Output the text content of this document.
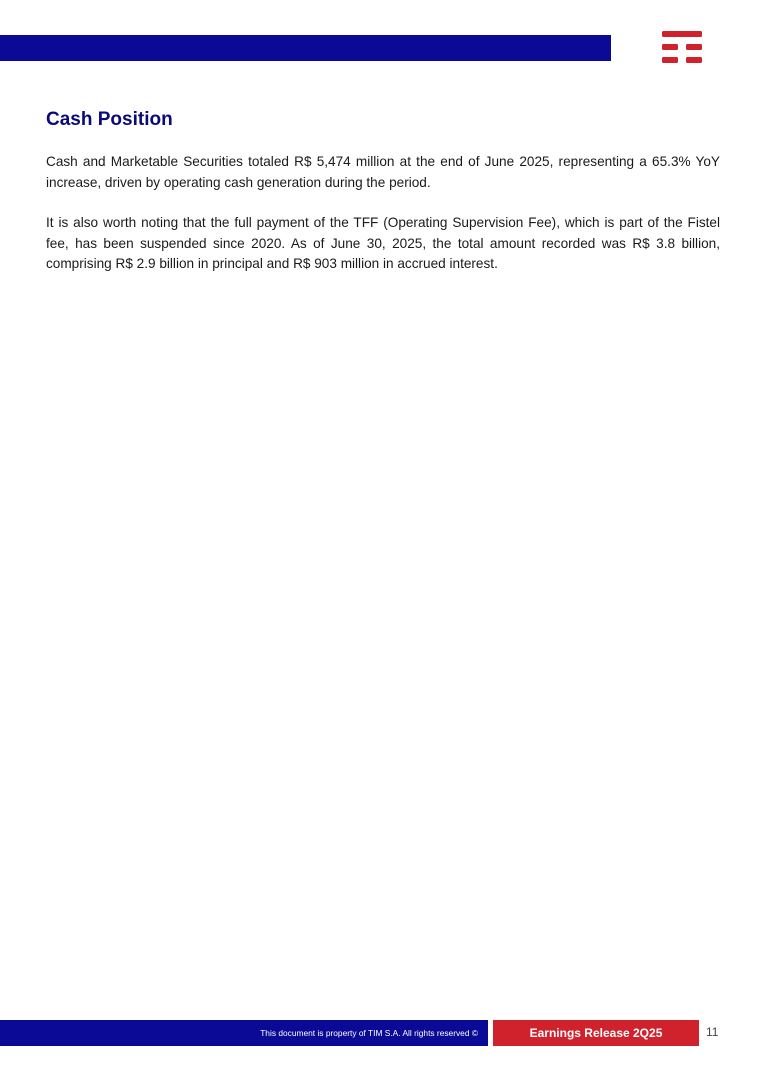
Cash Position

Cash and Marketable Securities totaled R$ 5,474 million at the end of June 2025, representing a 65.3% YoY increase, driven by operating cash generation during the period.

It is also worth noting that the full payment of the TFF (Operating Supervision Fee), which is part of the Fistel fee, has been suspended since 2020. As of June 30, 2025, the total amount recorded was R$ 3.8 billion, comprising R$ 2.9 billion in principal and R$ 903 million in accrued interest.

This document is property of TIM S.A. All rights reserved ©	Earnings Release 2Q25	11
